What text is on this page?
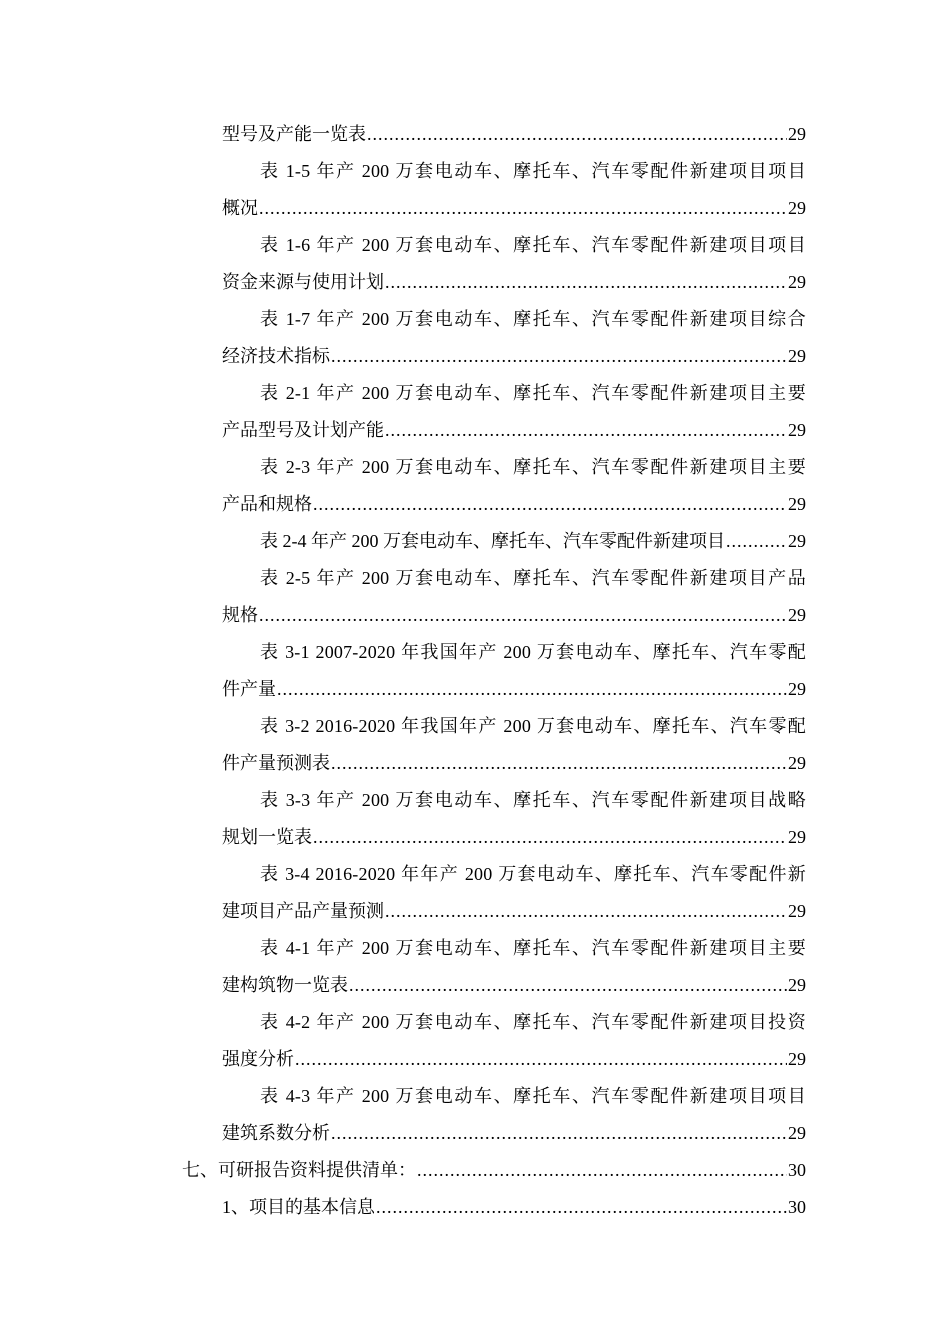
型号及产能一览表 .....	29
表 1-5 年产 200 万套电动车、摩托车、汽车零配件新建项目项目
概况 .....	29
表 1-6 年产 200 万套电动车、摩托车、汽车零配件新建项目项目
资金来源与使用计划 .....	29
表 1-7 年产 200 万套电动车、摩托车、汽车零配件新建项目综合
经济技术指标 .....	29
表 2-1 年产 200 万套电动车、摩托车、汽车零配件新建项目主要
产品型号及计划产能 .....	29
表 2-3 年产 200 万套电动车、摩托车、汽车零配件新建项目主要
产品和规格 .....	29
表 2-4 年产 200 万套电动车、摩托车、汽车零配件新建项目 .....	29
表 2-5 年产 200 万套电动车、摩托车、汽车零配件新建项目产品
规格 .....	29
表 3-1 2007-2020 年我国年产 200 万套电动车、摩托车、汽车零配
件产量 .....	29
表 3-2 2016-2020 年我国年产 200 万套电动车、摩托车、汽车零配
件产量预测表 .....	29
表 3-3 年产 200 万套电动车、摩托车、汽车零配件新建项目战略
规划一览表 .....	29
表 3-4 2016-2020 年年产 200 万套电动车、摩托车、汽车零配件新
建项目产品产量预测 .....	29
表 4-1 年产 200 万套电动车、摩托车、汽车零配件新建项目主要
建构筑物一览表 .....	29
表 4-2 年产 200 万套电动车、摩托车、汽车零配件新建项目投资
强度分析 .....	29
表 4-3 年产 200 万套电动车、摩托车、汽车零配件新建项目项目
建筑系数分析 .....	29
七、可研报告资料提供清单： .....	30
1、项目的基本信息 .....	30
